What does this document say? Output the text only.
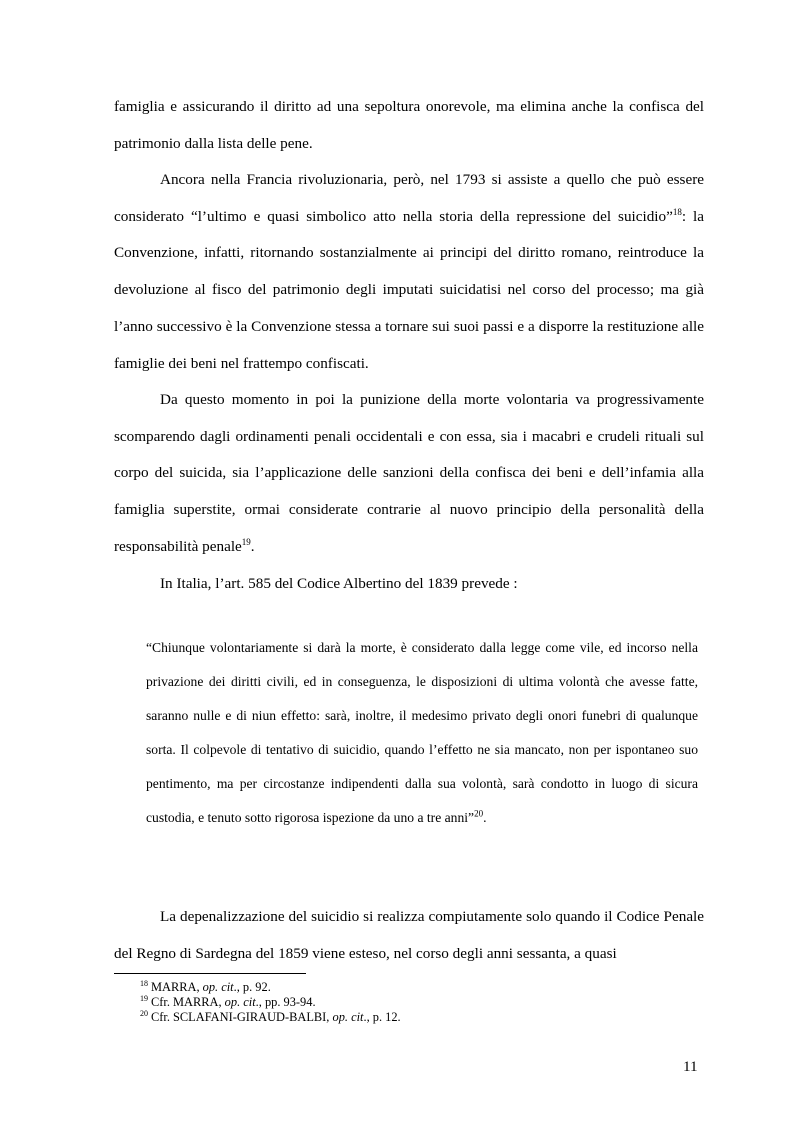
famiglia e assicurando il diritto ad una sepoltura onorevole, ma elimina anche la confisca del patrimonio dalla lista delle pene.

Ancora nella Francia rivoluzionaria, però, nel 1793 si assiste a quello che può essere considerato “l’ultimo e quasi simbolico atto nella storia della repressione del suicidio”$^{18}$: la Convenzione, infatti, ritornando sostanzialmente ai principi del diritto romano, reintroduce la devoluzione al fisco del patrimonio degli imputati suicidatisi nel corso del processo; ma già l’anno successivo è la Convenzione stessa a tornare sui suoi passi e a disporre la restituzione alle famiglie dei beni nel frattempo confiscati.

Da questo momento in poi la punizione della morte volontaria va progressivamente scomparendo dagli ordinamenti penali occidentali e con essa, sia i macabri e crudeli rituali sul corpo del suicida, sia l’applicazione delle sanzioni della confisca dei beni e dell’infamia alla famiglia superstite, ormai considerate contrarie al nuovo principio della personalità della responsabilità penale$^{19}$.

In Italia, l’art. 585 del Codice Albertino del 1839 prevede :

“Chiunque volontariamente si darà la morte, è considerato dalla legge come vile, ed incorso nella privazione dei diritti civili, ed in conseguenza, le disposizioni di ultima volontà che avesse fatte, saranno nulle e di niun effetto: sarà, inoltre, il medesimo privato degli onori funebri di qualunque sorta. Il colpevole di tentativo di suicidio, quando l’effetto ne sia mancato, non per ispontaneo suo pentimento, ma per circostanze indipendenti dalla sua volontà, sarà condotto in luogo di sicura custodia, e tenuto sotto rigorosa ispezione da uno a tre anni”$^{20}$.

La depenalizzazione del suicidio si realizza compiutamente solo quando il Codice Penale del Regno di Sardegna del 1859 viene esteso, nel corso degli anni sessanta, a quasi

$^{18}$ MARRA, op. cit., p. 92.

$^{19}$ Cfr. MARRA, op. cit., pp. 93-94.

$^{20}$ Cfr. SCLAFANI-GIRAUD-BALBI, op. cit., p. 12.

11
